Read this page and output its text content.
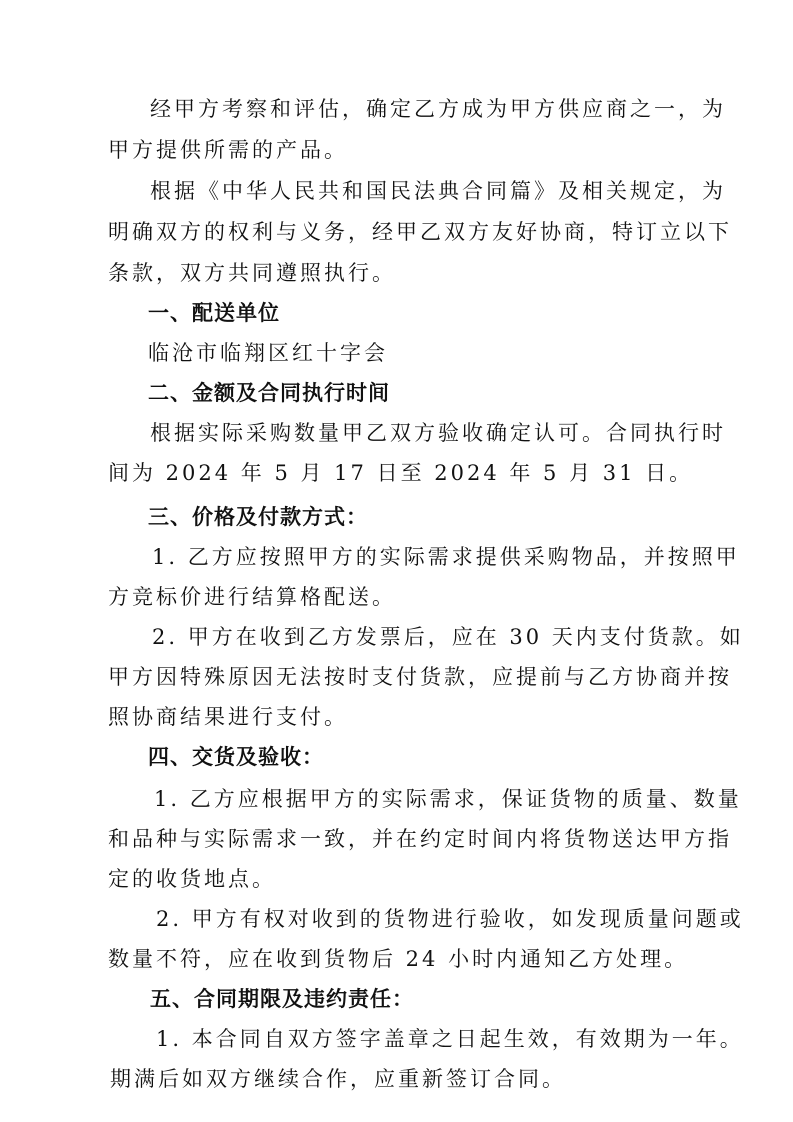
经甲方考察和评估，确定乙方成为甲方供应商之一，为
甲方提供所需的产品。
根据《中华人民共和国民法典合同篇》及相关规定，为
明确双方的权利与义务，经甲乙双方友好协商，特订立以下
条款，双方共同遵照执行。
一、配送单位
临沧市临翔区红十字会
二、金额及合同执行时间
根据实际采购数量甲乙双方验收确定认可。合同执行时
间为 2024 年 5 月 17 日至 2024 年 5 月 31 日。
三、价格及付款方式：
1. 乙方应按照甲方的实际需求提供采购物品，并按照甲
方竞标价进行结算格配送。
2. 甲方在收到乙方发票后，应在 30 天内支付货款。如
甲方因特殊原因无法按时支付货款，应提前与乙方协商并按
照协商结果进行支付。
四、交货及验收：
1. 乙方应根据甲方的实际需求，保证货物的质量、数量
和品种与实际需求一致，并在约定时间内将货物送达甲方指
定的收货地点。
2. 甲方有权对收到的货物进行验收，如发现质量问题或
数量不符，应在收到货物后 24 小时内通知乙方处理。
五、合同期限及违约责任：
1. 本合同自双方签字盖章之日起生效，有效期为一年。
期满后如双方继续合作，应重新签订合同。
